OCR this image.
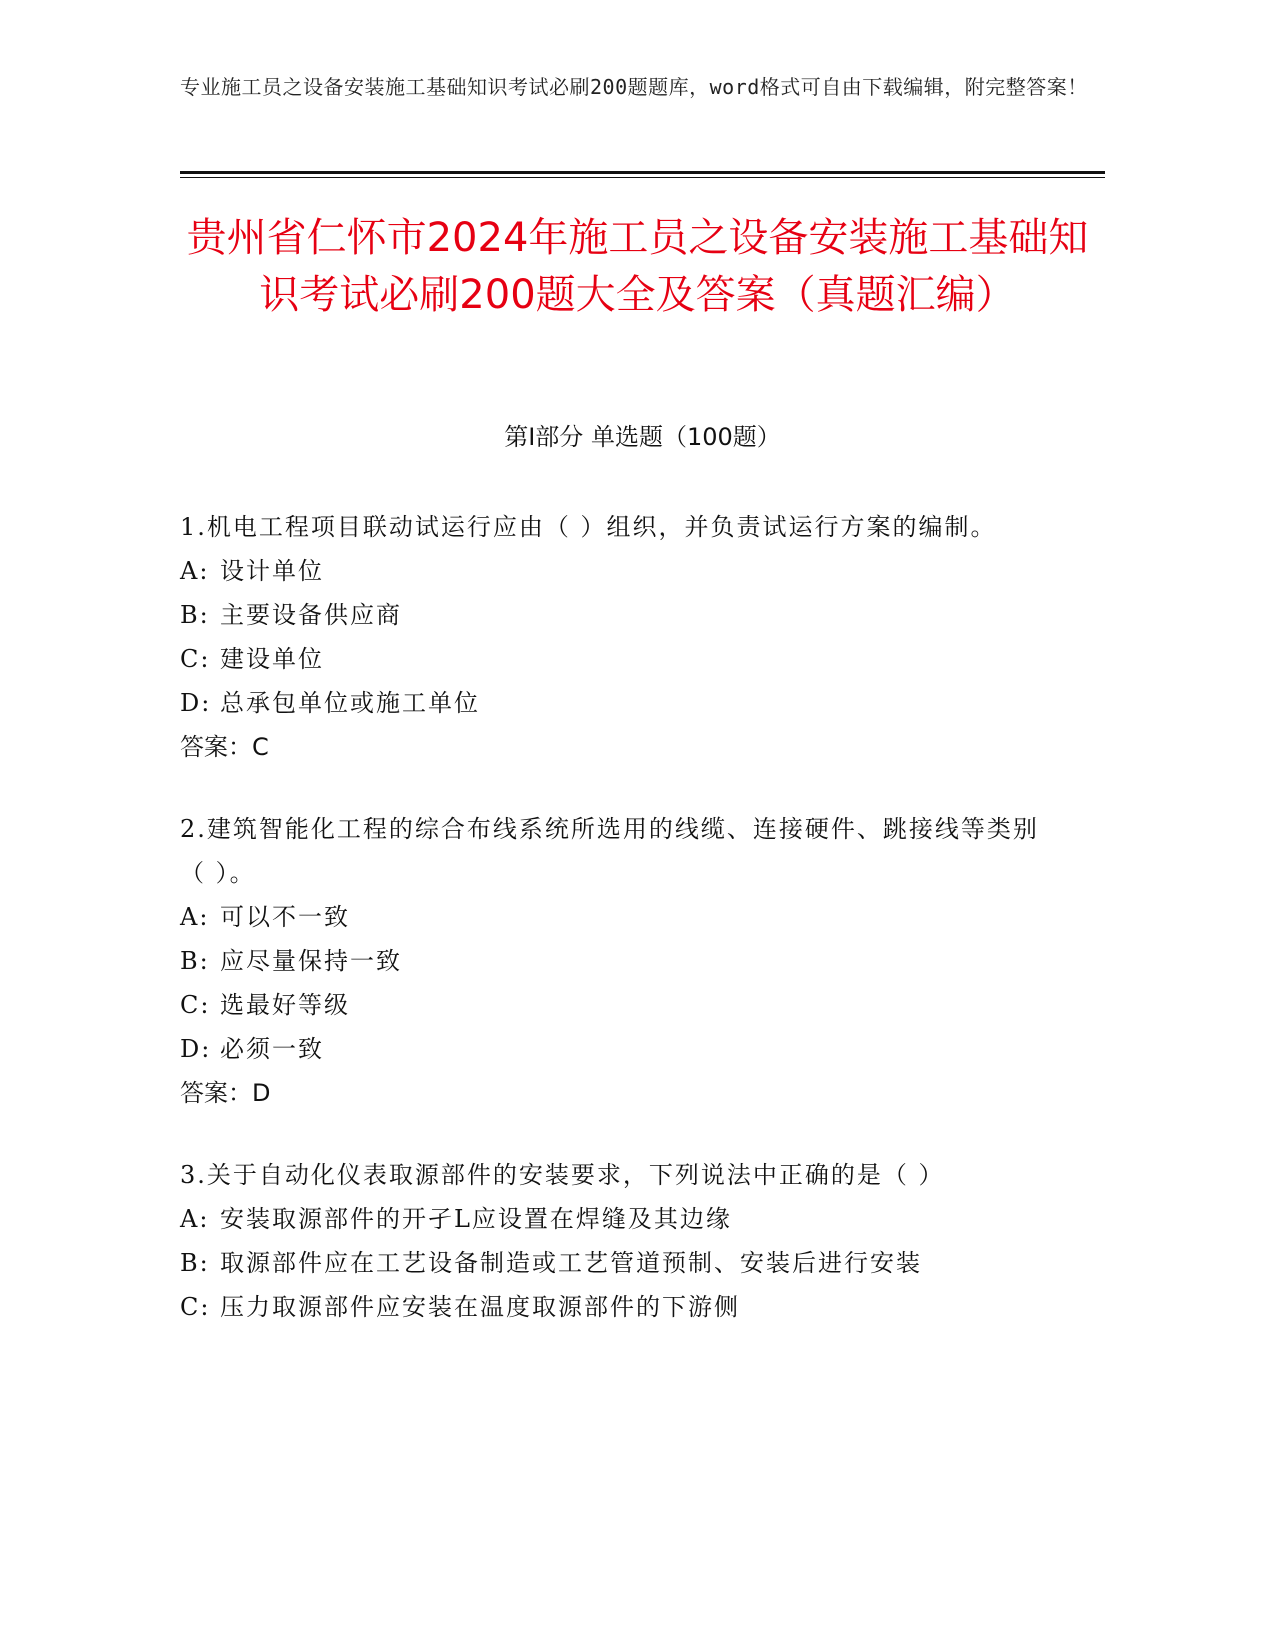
专业施工员之设备安装施工基础知识考试必刷200题题库，word格式可自由下载编辑，附完整答案！
贵州省仁怀市2024年施工员之设备安装施工基础知识考试必刷200题大全及答案（真题汇编）
第Ⅰ部分 单选题（100题）
1.机电工程项目联动试运行应由（ ）组织，并负责试运行方案的编制。
A: 设计单位
B: 主要设备供应商
C: 建设单位
D: 总承包单位或施工单位
答案：C
2.建筑智能化工程的综合布线系统所选用的线缆、连接硬件、跳接线等类别（ ）。
A: 可以不一致
B: 应尽量保持一致
C: 选最好等级
D: 必须一致
答案：D
3.关于自动化仪表取源部件的安装要求，下列说法中正确的是（ ）
A: 安装取源部件的开孑L应设置在焊缝及其边缘
B: 取源部件应在工艺设备制造或工艺管道预制、安装后进行安装
C: 压力取源部件应安装在温度取源部件的下游侧
